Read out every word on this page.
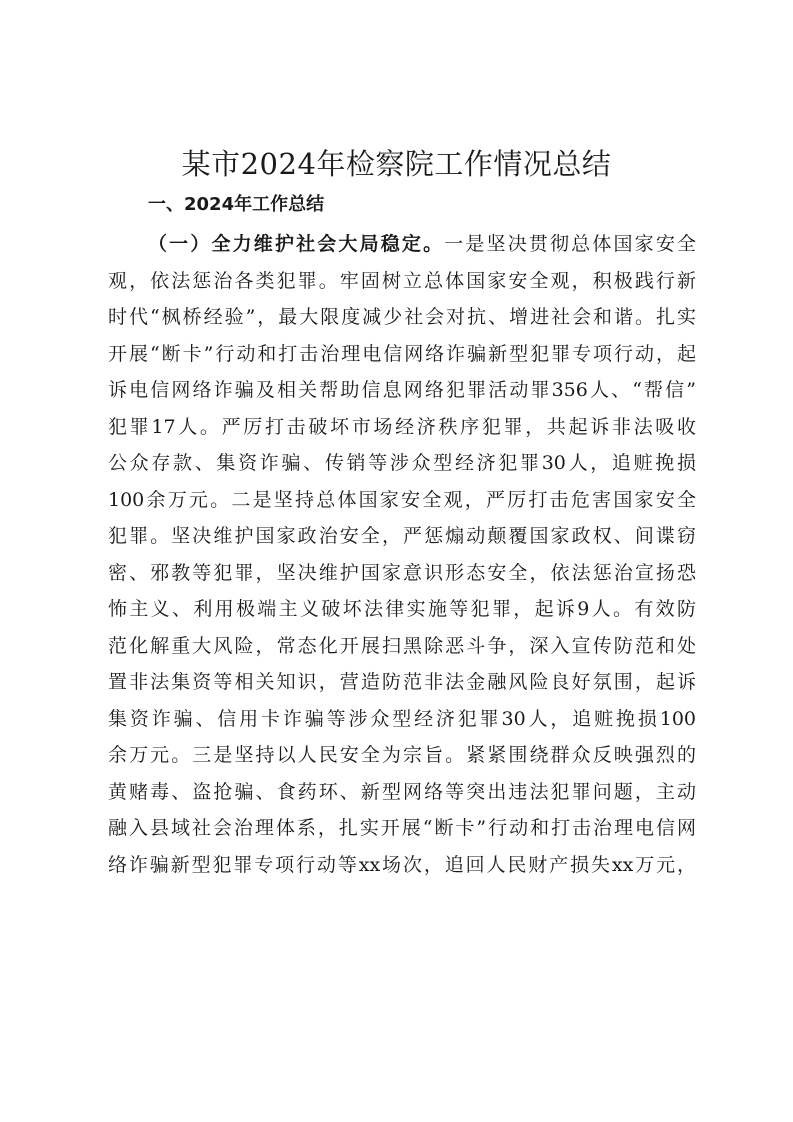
某市2024年检察院工作情况总结
一、2024年工作总结
（一）全力维护社会大局稳定。一是坚决贯彻总体国家安全
观，依法惩治各类犯罪。牢固树立总体国家安全观，积极践行新
时代“枫桥经验”，最大限度减少社会对抗、增进社会和谐。扎实
开展“断卡”行动和打击治理电信网络诈骗新型犯罪专项行动，起
诉电信网络诈骗及相关帮助信息网络犯罪活动罪356人、“帮信”
犯罪17人。严厉打击破坏市场经济秩序犯罪，共起诉非法吸收
公众存款、集资诈骗、传销等涉众型经济犯罪30人，追赃挽损
100余万元。二是坚持总体国家安全观，严厉打击危害国家安全
犯罪。坚决维护国家政治安全，严惩煽动颠覆国家政权、间谍窃
密、邪教等犯罪，坚决维护国家意识形态安全，依法惩治宣扬恐
怖主义、利用极端主义破坏法律实施等犯罪，起诉9人。有效防
范化解重大风险，常态化开展扫黑除恶斗争，深入宣传防范和处
置非法集资等相关知识，营造防范非法金融风险良好氛围，起诉
集资诈骗、信用卡诈骗等涉众型经济犯罪30人，追赃挽损100
余万元。三是坚持以人民安全为宗旨。紧紧围绕群众反映强烈的
黄赌毒、盗抢骗、食药环、新型网络等突出违法犯罪问题，主动
融入县域社会治理体系，扎实开展“断卡”行动和打击治理电信网
络诈骗新型犯罪专项行动等xx场次，追回人民财产损失xx万元，
